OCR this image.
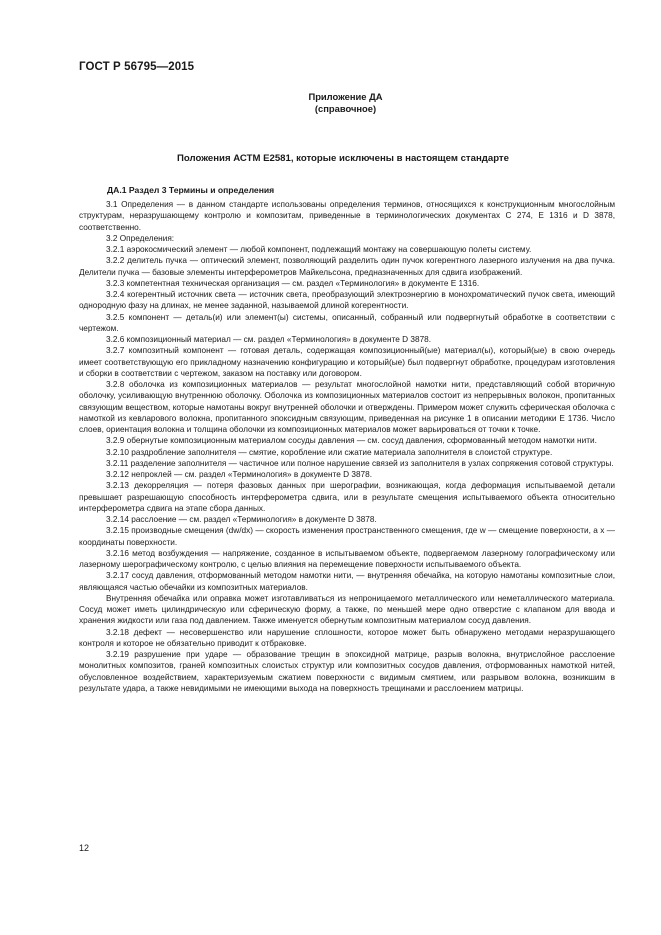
ГОСТ Р 56795—2015
Приложение ДА
(справочное)
Положения АСТМ Е2581, которые исключены в настоящем стандарте
ДА.1 Раздел 3 Термины и определения

3.1 Определения — в данном стандарте использованы определения терминов, относящихся к конструкционным многослойным структурам, неразрушающему контролю и композитам, приведенные в терминологических документах С 274, Е 1316 и D 3878, соответственно.

3.2 Определения:

3.2.1 аэрокосмический элемент — любой компонент, подлежащий монтажу на совершающую полеты систему.

3.2.2 делитель пучка — оптический элемент, позволяющий разделить один пучок когерентного лазерного излучения на два пучка. Делители пучка — базовые элементы интерферометров Майкельсона, предназначенных для сдвига изображений.

3.2.3 компетентная техническая организация — см. раздел «Терминология» в документе Е 1316.

3.2.4 когерентный источник света — источник света, преобразующий электроэнергию в монохроматический пучок света, имеющий однородную фазу на длинах, не менее заданной, называемой длиной когерентности.

3.2.5 компонент — деталь(и) или элемент(ы) системы, описанный, собранный или подвергнутый обработке в соответствии с чертежом.

3.2.6 композиционный материал — см. раздел «Терминология» в документе D 3878.

3.2.7 композитный компонент — готовая деталь, содержащая композиционный(ые) материал(ы), который(ые) в свою очередь имеет соответствующую его прикладному назначению конфигурацию и который(ые) был подвергнут обработке, процедурам изготовления и сборки в соответствии с чертежом, заказом на поставку или договором.

3.2.8 оболочка из композиционных материалов — результат многослойной намотки нити, представляющий собой вторичную оболочку, усиливающую внутреннюю оболочку. Оболочка из композиционных материалов состоит из непрерывных волокон, пропитанных связующим веществом, которые намотаны вокруг внутренней оболочки и отверждены. Примером может служить сферическая оболочка с намоткой из кевларового волокна, пропитанного эпоксидным связующим, приведенная на рисунке 1 в описании методики Е 1736. Число слоев, ориентация волокна и толщина оболочки из композиционных материалов может варьироваться от точки к точке.

3.2.9 обернутые композиционным материалом сосуды давления — см. сосуд давления, сформованный методом намотки нити.

3.2.10 раздробление заполнителя — смятие, коробление или сжатие материала заполнителя в слоистой структуре.

3.2.11 разделение заполнителя — частичное или полное нарушение связей из заполнителя в узлах сопряжения сотовой структуры.

3.2.12 непроклей — см. раздел «Терминология» в документе D 3878.

3.2.13 декорреляция — потеря фазовых данных при шерографии, возникающая, когда деформация испытываемой детали превышает разрешающую способность интерферометра сдвига, или в результате смещения испытываемого объекта относительно интерферометра сдвига на этапе сбора данных.

3.2.14 расслоение — см. раздел «Терминология» в документе D 3878.

3.2.15 производные смещения (dw/dx) — скорость изменения пространственного смещения, где w — смещение поверхности, а x — координаты поверхности.

3.2.16 метод возбуждения — напряжение, созданное в испытываемом объекте, подвергаемом лазерному голографическому или лазерному шерографическому контролю, с целью влияния на перемещение поверхности испытываемого объекта.

3.2.17 сосуд давления, отформованный методом намотки нити, — внутренняя обечайка, на которую намотаны композитные слои, являющаяся частью обечайки из композитных материалов.

Внутренняя обечайка или оправка может изготавливаться из непроницаемого металлического или неметаллического материала. Сосуд может иметь цилиндрическую или сферическую форму, а также, по меньшей мере одно отверстие с клапаном для ввода и хранения жидкости или газа под давлением. Также именуется обернутым композитным материалом сосуд давления.

3.2.18 дефект — несовершенство или нарушение сплошности, которое может быть обнаружено методами неразрушающего контроля и которое не обязательно приводит к отбраковке.

3.2.19 разрушение при ударе — образование трещин в эпоксидной матрице, разрыв волокна, внутрислойное расслоение монолитных композитов, граней композитных слоистых структур или композитных сосудов давления, отформованных намоткой нитей, обусловленное воздействием, характеризуемым сжатием поверхности с видимым смятием, или разрывом волокна, возникшим в результате удара, а также невидимыми не имеющими выхода на поверхность трещинами и расслоением матрицы.

12
